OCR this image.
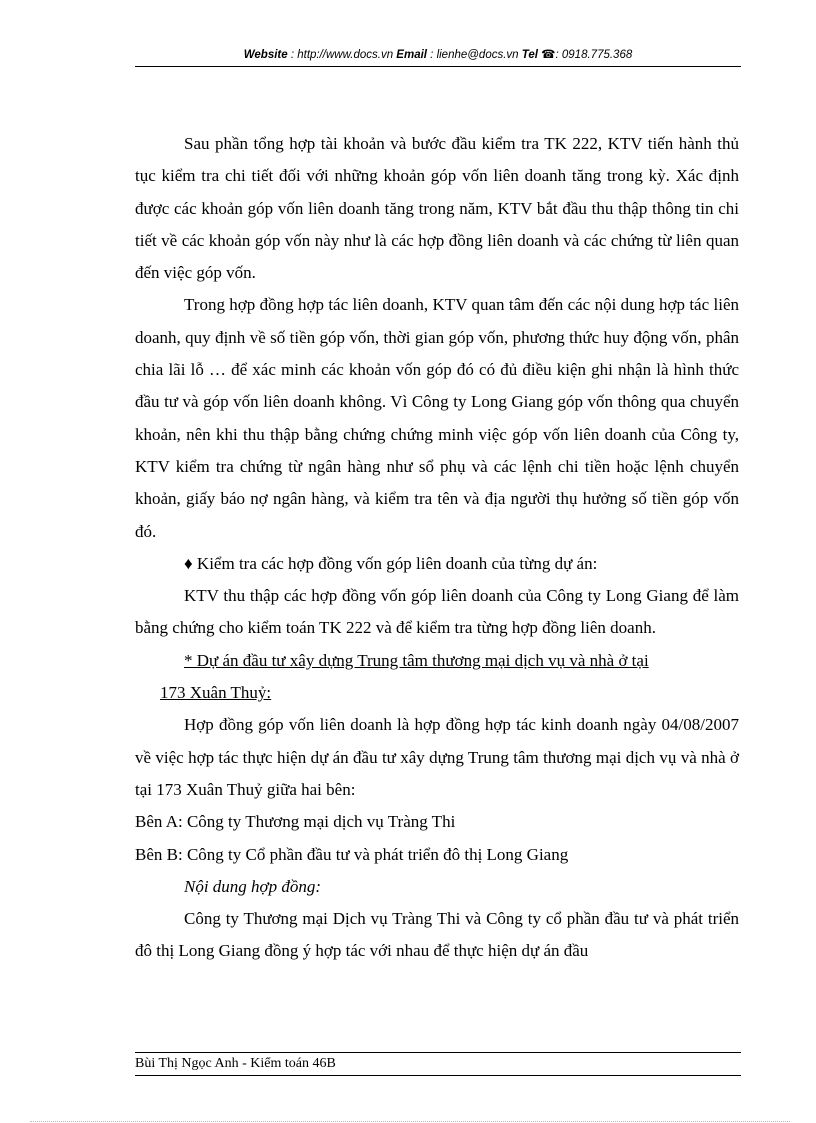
Website : http://www.docs.vn Email : lienhe@docs.vn Tel ☎: 0918.775.368

Sau phần tổng hợp tài khoản và bước đầu kiểm tra TK 222, KTV tiến hành thủ tục kiểm tra chi tiết đối với những khoản góp vốn liên doanh tăng trong kỳ. Xác định được các khoản góp vốn liên doanh tăng trong năm, KTV bắt đầu thu thập thông tin chi tiết về các khoản góp vốn này như là các hợp đồng liên doanh và các chứng từ liên quan đến việc góp vốn.

Trong hợp đồng hợp tác liên doanh, KTV quan tâm đến các nội dung hợp tác liên doanh, quy định về số tiền góp vốn, thời gian góp vốn, phương thức huy động vốn, phân chia lãi lỗ … để xác minh các khoản vốn góp đó có đủ điều kiện ghi nhận là hình thức đầu tư và góp vốn liên doanh không. Vì Công ty Long Giang góp vốn thông qua chuyển khoản, nên khi thu thập bằng chứng chứng minh việc góp vốn liên doanh của Công ty, KTV kiểm tra chứng từ ngân hàng như sổ phụ và các lệnh chi tiền hoặc lệnh chuyển khoản, giấy báo nợ ngân hàng, và kiểm tra tên và địa người thụ hưởng số tiền góp vốn đó.

♦ Kiểm tra các hợp đồng vốn góp liên doanh của từng dự án:

KTV thu thập các hợp đồng vốn góp liên doanh của Công ty Long Giang để làm bằng chứng cho kiểm toán TK 222 và để kiểm tra từng hợp đồng liên doanh.

* Dự án đầu tư xây dựng Trung tâm thương mại dịch vụ và nhà ở tại
173 Xuân Thuỷ:

Hợp đồng góp vốn liên doanh là hợp đồng hợp tác kinh doanh ngày 04/08/2007 về việc hợp tác thực hiện dự án đầu tư xây dựng Trung tâm thương mại dịch vụ và nhà ở tại 173 Xuân Thuỷ giữa hai bên:

Bên A: Công ty Thương mại dịch vụ Tràng Thi

Bên B: Công ty Cổ phần đầu tư và phát triển đô thị Long Giang

Nội dung hợp đồng:

Công ty Thương mại Dịch vụ Tràng Thi và Công ty cổ phần đầu tư và phát triển đô thị Long Giang đồng ý hợp tác với nhau để thực hiện dự án đầu

Bùi Thị Ngọc Anh - Kiểm toán 46B
